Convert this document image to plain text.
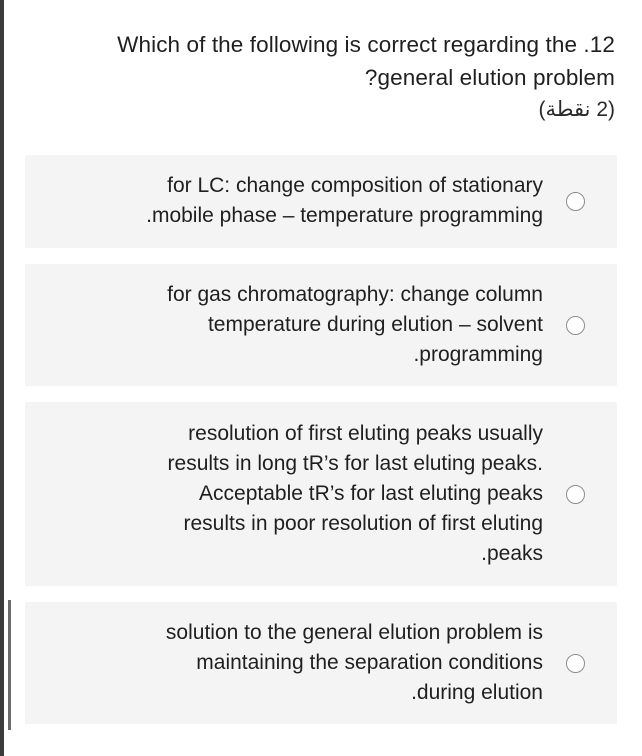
Which of the following is correct regarding the .12
?general elution problem
(2 نقطة)
for LC: change composition of stationary
.mobile phase – temperature programming
for gas chromatography: change column
temperature during elution – solvent
.programming
resolution of first eluting peaks usually
results in long tR’s for last eluting peaks.
Acceptable tR’s for last eluting peaks
results in poor resolution of first eluting
.peaks
solution to the general elution problem is
maintaining the separation conditions
.during elution
